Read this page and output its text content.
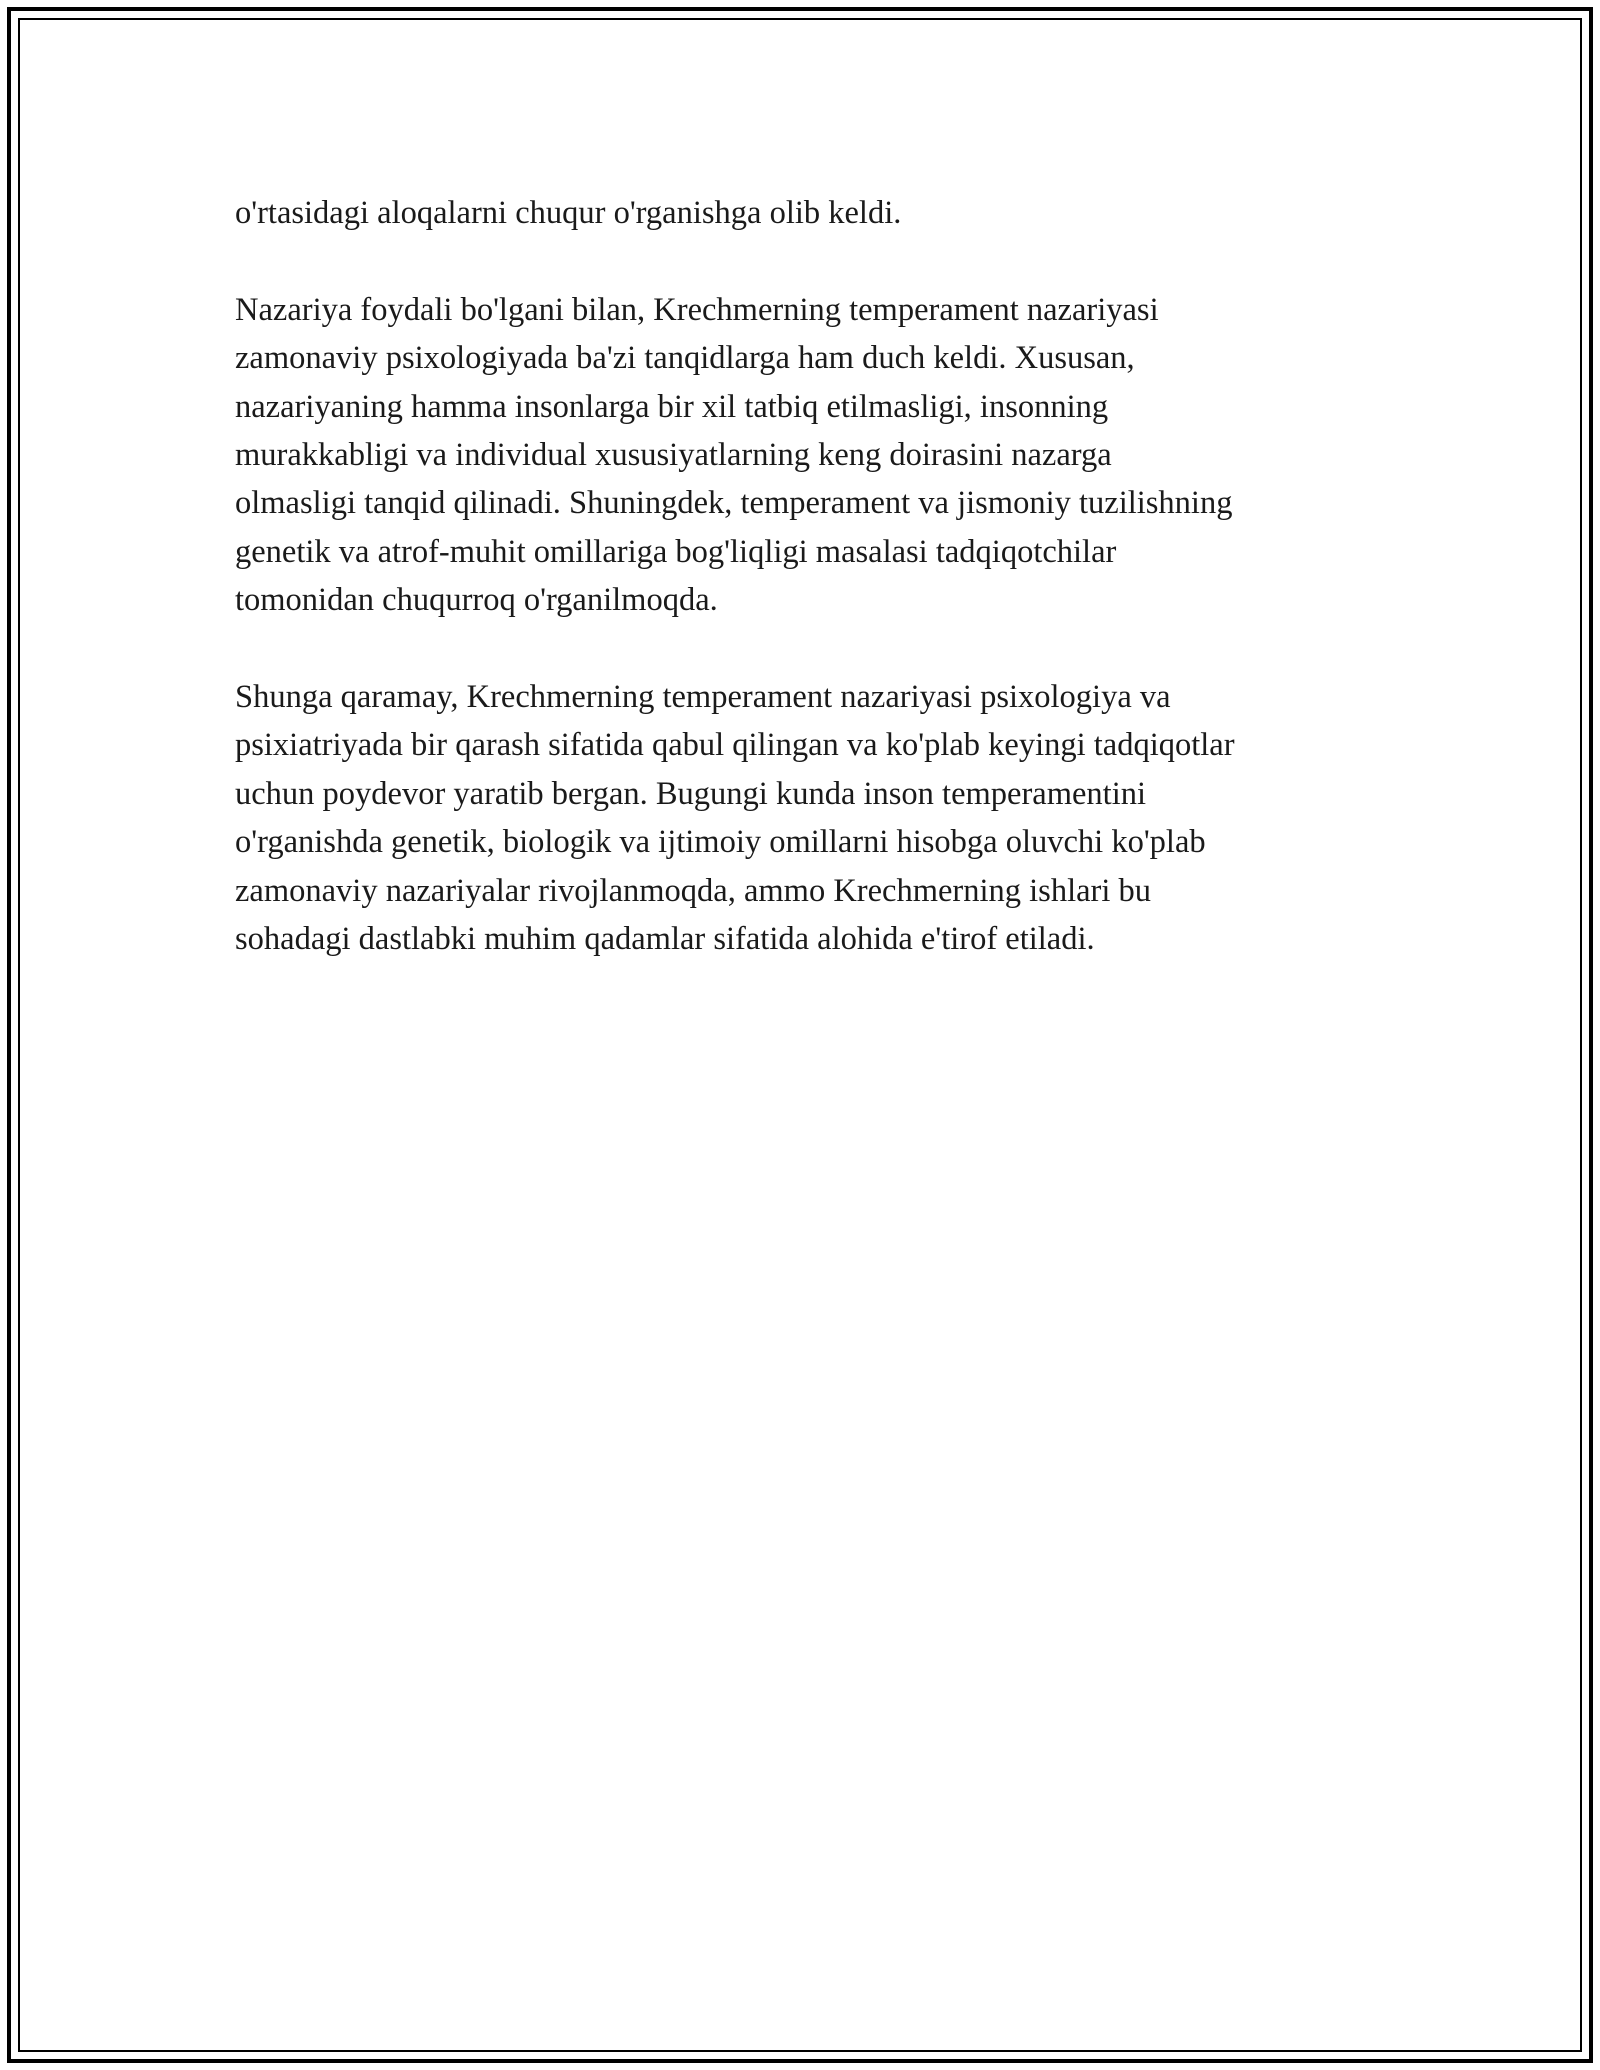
o'rtasidagi aloqalarni chuqur o'rganishga olib keldi.

Nazariya foydali bo'lgani bilan, Krechmerning temperament nazariyasi
zamonaviy psixologiyada ba'zi tanqidlarga ham duch keldi. Xususan,
nazariyaning hamma insonlarga bir xil tatbiq etilmasligi, insonning
murakkabligi va individual xususiyatlarning keng doirasini nazarga
olmasligi tanqid qilinadi. Shuningdek, temperament va jismoniy tuzilishning
genetik va atrof-muhit omillariga bog'liqligi masalasi tadqiqotchilar
tomonidan chuqurroq o'rganilmoqda.

Shunga qaramay, Krechmerning temperament nazariyasi psixologiya va
psixiatriyada bir qarash sifatida qabul qilingan va ko'plab keyingi tadqiqotlar
uchun poydevor yaratib bergan. Bugungi kunda inson temperamentini
o'rganishda genetik, biologik va ijtimoiy omillarni hisobga oluvchi ko'plab
zamonaviy nazariyalar rivojlanmoqda, ammo Krechmerning ishlari bu
sohadagi dastlabki muhim qadamlar sifatida alohida e'tirof etiladi.
